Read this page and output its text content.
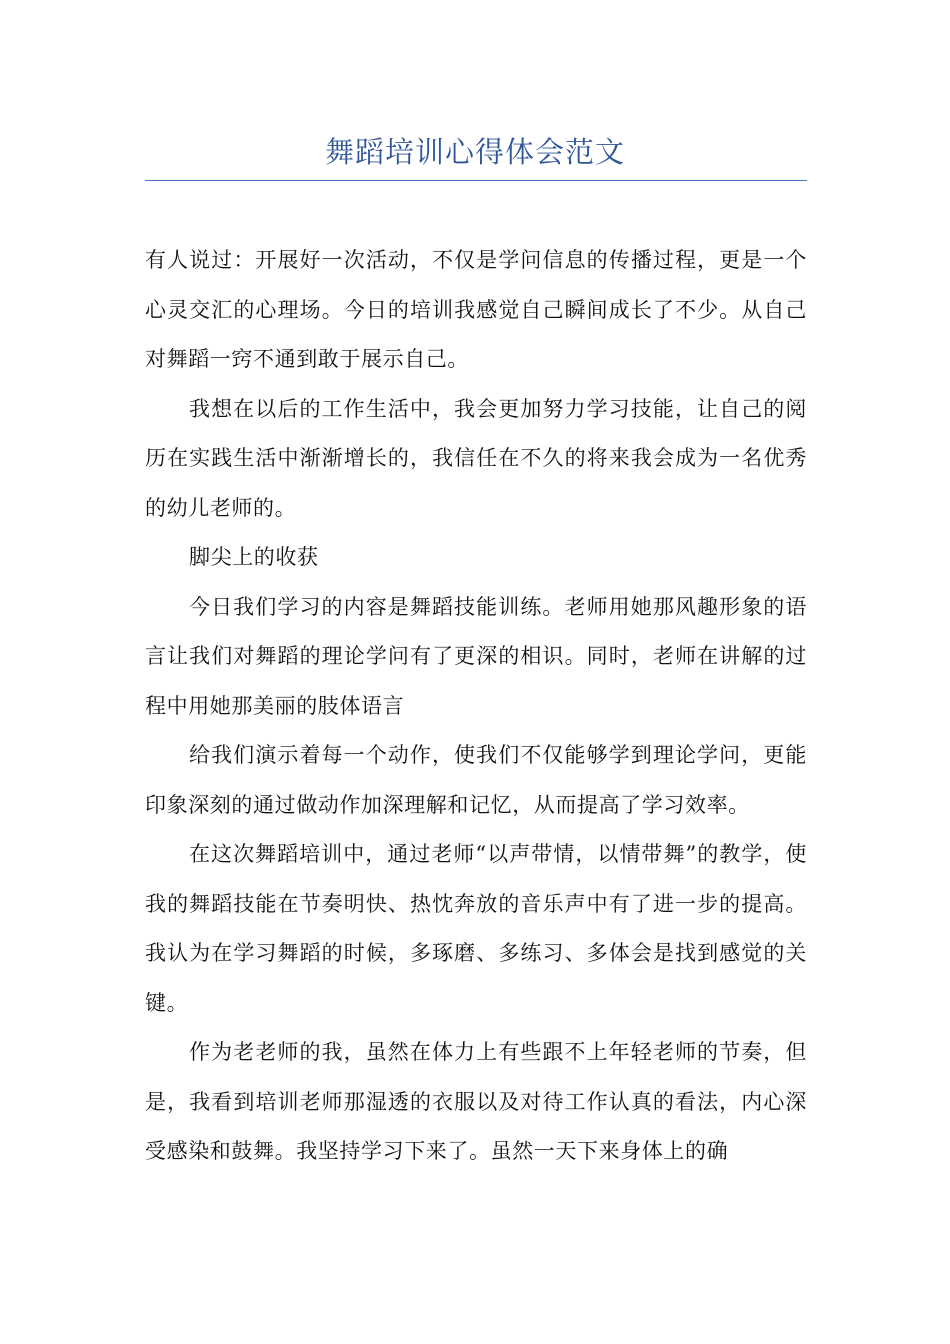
舞蹈培训心得体会范文

有人说过：开展好一次活动，不仅是学问信息的传播过程，更是一个心灵交汇的心理场。今日的培训我感觉自己瞬间成长了不少。从自己对舞蹈一窍不通到敢于展示自己。

我想在以后的工作生活中，我会更加努力学习技能，让自己的阅历在实践生活中渐渐增长的，我信任在不久的将来我会成为一名优秀的幼儿老师的。

脚尖上的收获

今日我们学习的内容是舞蹈技能训练。老师用她那风趣形象的语言让我们对舞蹈的理论学问有了更深的相识。同时，老师在讲解的过程中用她那美丽的肢体语言

给我们演示着每一个动作，使我们不仅能够学到理论学问，更能印象深刻的通过做动作加深理解和记忆，从而提高了学习效率。

在这次舞蹈培训中，通过老师“以声带情，以情带舞”的教学，使我的舞蹈技能在节奏明快、热忱奔放的音乐声中有了进一步的提高。我认为在学习舞蹈的时候，多琢磨、多练习、多体会是找到感觉的关键。

作为老老师的我，虽然在体力上有些跟不上年轻老师的节奏，但是，我看到培训老师那湿透的衣服以及对待工作认真的看法，内心深受感染和鼓舞。我坚持学习下来了。虽然一天下来身体上的确
